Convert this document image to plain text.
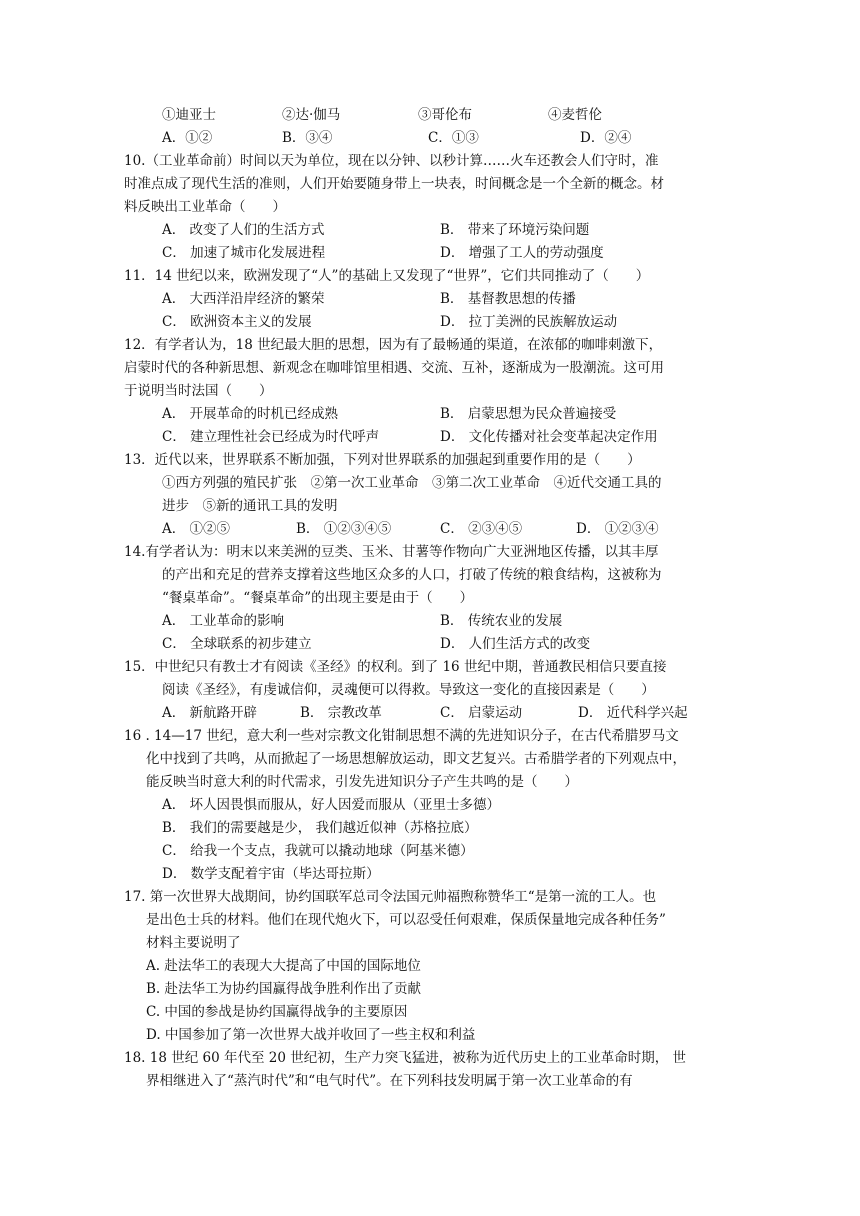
①迪亚士	②达·伽马	③哥伦布	④麦哲伦
A．①②	B．③④	C．①③	D．②④
10.（工业革命前）时间以天为单位，现在以分钟、以秒计算……火车还教会人们守时，准
时准点成了现代生活的准则，人们开始要随身带上一块表，时间概念是一个全新的概念。材
料反映出工业革命（　　）
A． 改变了人们的生活方式	B． 带来了环境污染问题
C． 加速了城市化发展进程	D． 增强了工人的劳动强度
11．14 世纪以来，欧洲发现了“人”的基础上又发现了“世界”，它们共同推动了（　　）
A． 大西洋沿岸经济的繁荣	B． 基督教思想的传播
C． 欧洲资本主义的发展	D． 拉丁美洲的民族解放运动
12．有学者认为，18 世纪最大胆的思想，因为有了最畅通的渠道，在浓郁的咖啡刺激下，
启蒙时代的各种新思想、新观念在咖啡馆里相遇、交流、互补，逐渐成为一股潮流。这可用
于说明当时法国（　　）
A． 开展革命的时机已经成熟	B． 启蒙思想为民众普遍接受
C． 建立理性社会已经成为时代呼声	D． 文化传播对社会变革起决定作用
13．近代以来，世界联系不断加强，下列对世界联系的加强起到重要作用的是（　　）
①西方列强的殖民扩张　②第一次工业革命　③第二次工业革命　④近代交通工具的
进步　⑤新的通讯工具的发明
A． ①②⑤	B． ①②③④⑤	C． ②③④⑤	D． ①②③④
14.有学者认为：明末以来美洲的豆类、玉米、甘薯等作物向广大亚洲地区传播，以其丰厚
的产出和充足的营养支撑着这些地区众多的人口，打破了传统的粮食结构，这被称为
“餐桌革命”。“餐桌革命”的出现主要是由于（　　）
A． 工业革命的影响	B． 传统农业的发展
C． 全球联系的初步建立	D． 人们生活方式的改变
15．中世纪只有教士才有阅读《圣经》的权利。到了 16 世纪中期，普通教民相信只要直接
阅读《圣经》，有虔诚信仰，灵魂便可以得救。导致这一变化的直接因素是（　　）
A． 新航路开辟	B． 宗教改革	C． 启蒙运动	D． 近代科学兴起
16 . 14—17 世纪，意大利一些对宗教文化钳制思想不满的先进知识分子，在古代希腊罗马文
化中找到了共鸣，从而掀起了一场思想解放运动，即文艺复兴。古希腊学者的下列观点中，
能反映当时意大利的时代需求，引发先进知识分子产生共鸣的是（　　）
A． 坏人因畏惧而服从，好人因爱而服从（亚里士多德）
B． 我们的需要越是少， 我们越近似神（苏格拉底）
C． 给我一个支点，我就可以撬动地球（阿基米德）
D． 数学支配着宇宙（毕达哥拉斯）
17. 第一次世界大战期间，协约国联军总司令法国元帅福煦称赞华工“是第一流的工人。也
是出色士兵的材料。他们在现代炮火下，可以忍受任何艰难，保质保量地完成各种任务”
材料主要说明了
A. 赴法华工的表现大大提高了中国的国际地位
B. 赴法华工为协约国赢得战争胜利作出了贡献
C. 中国的参战是协约国赢得战争的主要原因
D. 中国参加了第一次世界大战并收回了一些主权和利益
18. 18 世纪 60 年代至 20 世纪初，生产力突飞猛进，被称为近代历史上的工业革命时期， 世
界相继进入了“蒸汽时代”和“电气时代”。在下列科技发明属于第一次工业革命的有
